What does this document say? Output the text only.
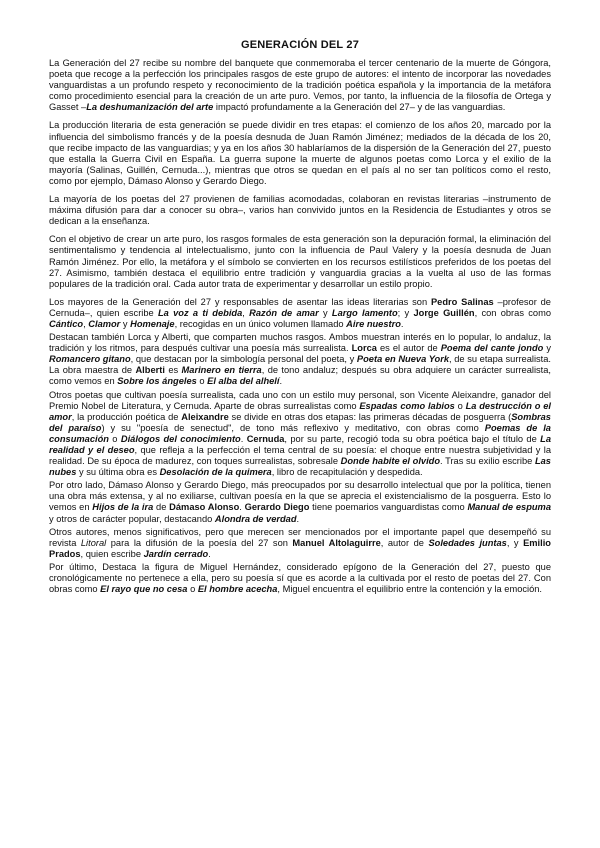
GENERACIÓN DEL 27

La Generación del 27 recibe su nombre del banquete que conmemoraba el tercer centenario de la muerte de Góngora, poeta que recoge a la perfección los principales rasgos de este grupo de autores: el intento de incorporar las novedades vanguardistas a un profundo respeto y reconocimiento de la tradición poética española y la importancia de la metáfora como procedimiento esencial para la creación de un arte puro. Vemos, por tanto, la influencia de la filosofía de Ortega y Gasset –La deshumanización del arte impactó profundamente a la Generación del 27– y de las vanguardias.

La producción literaria de esta generación se puede dividir en tres etapas: el comienzo de los años 20, marcado por la influencia del simbolismo francés y de la poesía desnuda de Juan Ramón Jiménez; mediados de la década de los 20, que recibe impacto de las vanguardias; y ya en los años 30 hablaríamos de la dispersión de la Generación del 27, puesto que estalla la Guerra Civil en España. La guerra supone la muerte de algunos poetas como Lorca y el exilio de la mayoría (Salinas, Guillén, Cernuda...), mientras que otros se quedan en el país al no ser tan políticos como el resto, como por ejemplo, Dámaso Alonso y Gerardo Diego.

La mayoría de los poetas del 27 provienen de familias acomodadas, colaboran en revistas literarias –instrumento de máxima difusión para dar a conocer su obra–, varios han convivido juntos en la Residencia de Estudiantes y otros se dedican a la enseñanza.

Con el objetivo de crear un arte puro, los rasgos formales de esta generación son la depuración formal, la eliminación del sentimentalismo y tendencia al intelectualismo, junto con la influencia de Paul Valery y la poesía desnuda de Juan Ramón Jiménez. Por ello, la metáfora y el símbolo se convierten en los recursos estilísticos preferidos de los poetas del 27. Asimismo, también destaca el equilibrio entre tradición y vanguardia gracias a la vuelta al uso de las formas populares de la tradición oral. Cada autor trata de experimentar y desarrollar un estilo propio.

Los mayores de la Generación del 27 y responsables de asentar las ideas literarias son Pedro Salinas –profesor de Cernuda–, quien escribe La voz a ti debida, Razón de amar y Largo lamento; y Jorge Guillén, con obras como Cántico, Clamor y Homenaje, recogidas en un único volumen llamado Aire nuestro.

Destacan también Lorca y Alberti, que comparten muchos rasgos. Ambos muestran interés en lo popular, lo andaluz, la tradición y los ritmos, para después cultivar una poesía más surrealista. Lorca es el autor de Poema del cante jondo y Romancero gitano, que destacan por la simbología personal del poeta, y Poeta en Nueva York, de su etapa surrealista. La obra maestra de Alberti es Marinero en tierra, de tono andaluz; después su obra adquiere un carácter surrealista, como vemos en Sobre los ángeles o El alba del alhelí.

Otros poetas que cultivan poesía surrealista, cada uno con un estilo muy personal, son Vicente Aleixandre, ganador del Premio Nobel de Literatura, y Cernuda. Aparte de obras surrealistas como Espadas como labios o La destrucción o el amor, la producción poética de Aleixandre se divide en otras dos etapas: las primeras décadas de posguerra (Sombras del paraíso) y su "poesía de senectud", de tono más reflexivo y meditativo, con obras como Poemas de la consumación o Diálogos del conocimiento. Cernuda, por su parte, recogió toda su obra poética bajo el título de La realidad y el deseo, que refleja a la perfección el tema central de su poesía: el choque entre nuestra subjetividad y la realidad. De su época de madurez, con toques surrealistas, sobresale Donde habite el olvido. Tras su exilio escribe Las nubes y su última obra es Desolación de la quimera, libro de recapitulación y despedida.

Por otro lado, Dámaso Alonso y Gerardo Diego, más preocupados por su desarrollo intelectual que por la política, tienen una obra más extensa, y al no exiliarse, cultivan poesía en la que se aprecia el existencialismo de la posguerra. Esto lo vemos en Hijos de la ira de Dámaso Alonso. Gerardo Diego tiene poemarios vanguardistas como Manual de espuma y otros de carácter popular, destacando Alondra de verdad.

Otros autores, menos significativos, pero que merecen ser mencionados por el importante papel que desempeñó su revista Litoral para la difusión de la poesía del 27 son Manuel Altolaguirre, autor de Soledades juntas, y Emilio Prados, quien escribe Jardín cerrado.

Por último, Destaca la figura de Miguel Hernández, considerado epígono de la Generación del 27, puesto que cronológicamente no pertenece a ella, pero su poesía sí que es acorde a la cultivada por el resto de poetas del 27. Con obras como El rayo que no cesa o El hombre acecha, Miguel encuentra el equilibrio entre la contención y la emoción.
